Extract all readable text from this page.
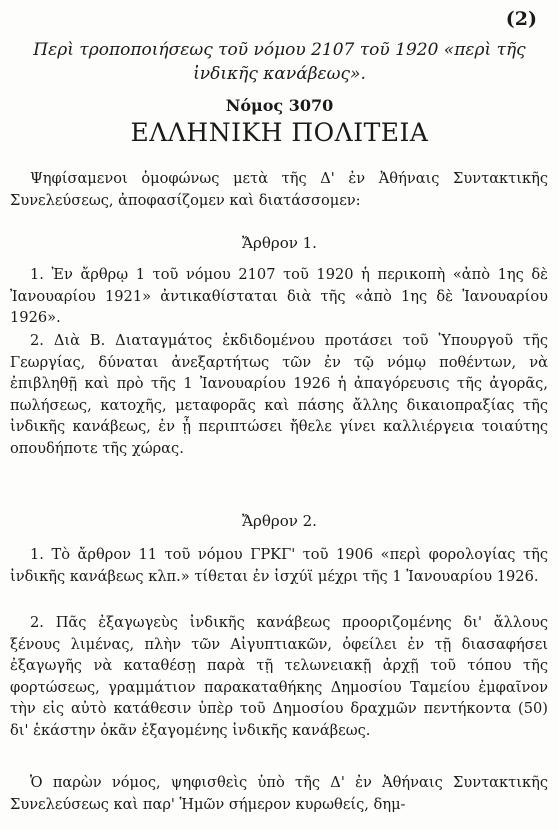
(2)
Περὶ τροποποιήσεως τοῦ νόμου 2107 τοῦ 1920 «περὶ τῆς ἰνδικῆς κανάβεως».
Νόμος 3070
ΕΛΛΗΝΙΚΗ ΠΟΛΙΤΕΙΑ
Ψηφίσαμενοι ὁμοφώνως μετὰ τῆς Δ' ἐν Ἀθήναις Συντακτικῆς Συνελεύσεως, ἀποφασίζομεν καὶ διατάσσομεν:
Ἄρθρον 1.
1. Ἐν ἄρθρῳ 1 τοῦ νόμου 2107 τοῦ 1920 ἡ περικοπὴ «ἀπὸ 1ης δὲ Ἰανουαρίου 1921» ἀντικαθίσταται διὰ τῆς «ἀπὸ 1ης δὲ Ἰανουαρίου 1926».
2. Διὰ Β. Διαταγμάτος ἐκδιδομένου προτάσει τοῦ Ὑπουργοῦ τῆς Γεωργίας, δύναται ἀνεξαρτήτως τῶν ἐν τῷ νόμῳ ποθέντων, νὰ ἐπιβληθῇ καὶ πρὸ τῆς 1 Ἰανουαρίου 1926 ἡ ἀπαγόρευσις τῆς ἀγορᾶς, πωλήσεως, κατοχῆς, μεταφορᾶς καὶ πάσης ἄλλης δικαιοπραξίας τῆς ἰνδικῆς κανάβεως, ἐν ᾗ περιπτώσει ἤθελε γίνει καλλιέργεια τοιαύτης οπουδήποτε τῆς χώρας.
Ἄρθρον 2.
1. Τὸ ἄρθρον 11 τοῦ νόμου ΓΡΚΓ' τοῦ 1906 «περὶ φορολογίας τῆς ἰνδικῆς κανάβεως κλπ.» τίθεται ἐν ἰσχύϊ μέχρι τῆς 1 Ἰανουαρίου 1926.
2. Πᾶς ἐξαγωγεὺς ἰνδικῆς κανάβεως προοριζομένης δι' ἄλλους ξένους λιμένας, πλὴν τῶν Αἰγυπτιακῶν, ὀφείλει ἐν τῇ διασαφήσει ἐξαγωγῆς νὰ καταθέσῃ παρὰ τῇ τελωνειακῇ ἀρχῇ τοῦ τόπου τῆς φορτώσεως, γραμμάτιον παρακαταθήκης Δημοσίου Ταμείου ἐμφαῖνον τὴν εἰς αὐτὸ κατάθεσιν ὑπὲρ τοῦ Δημοσίου δραχμῶν πεντήκοντα (50) δι' ἑκάστην ὀκᾶν ἐξαγομένης ἰνδικῆς κανάβεως.
Ὁ παρὼν νόμος, ψηφισθεὶς ὑπὸ τῆς Δ' ἐν Ἀθήναις Συντακτικῆς Συνελεύσεως καὶ παρ' Ἡμῶν σήμερον κυρωθείς, δημ-
